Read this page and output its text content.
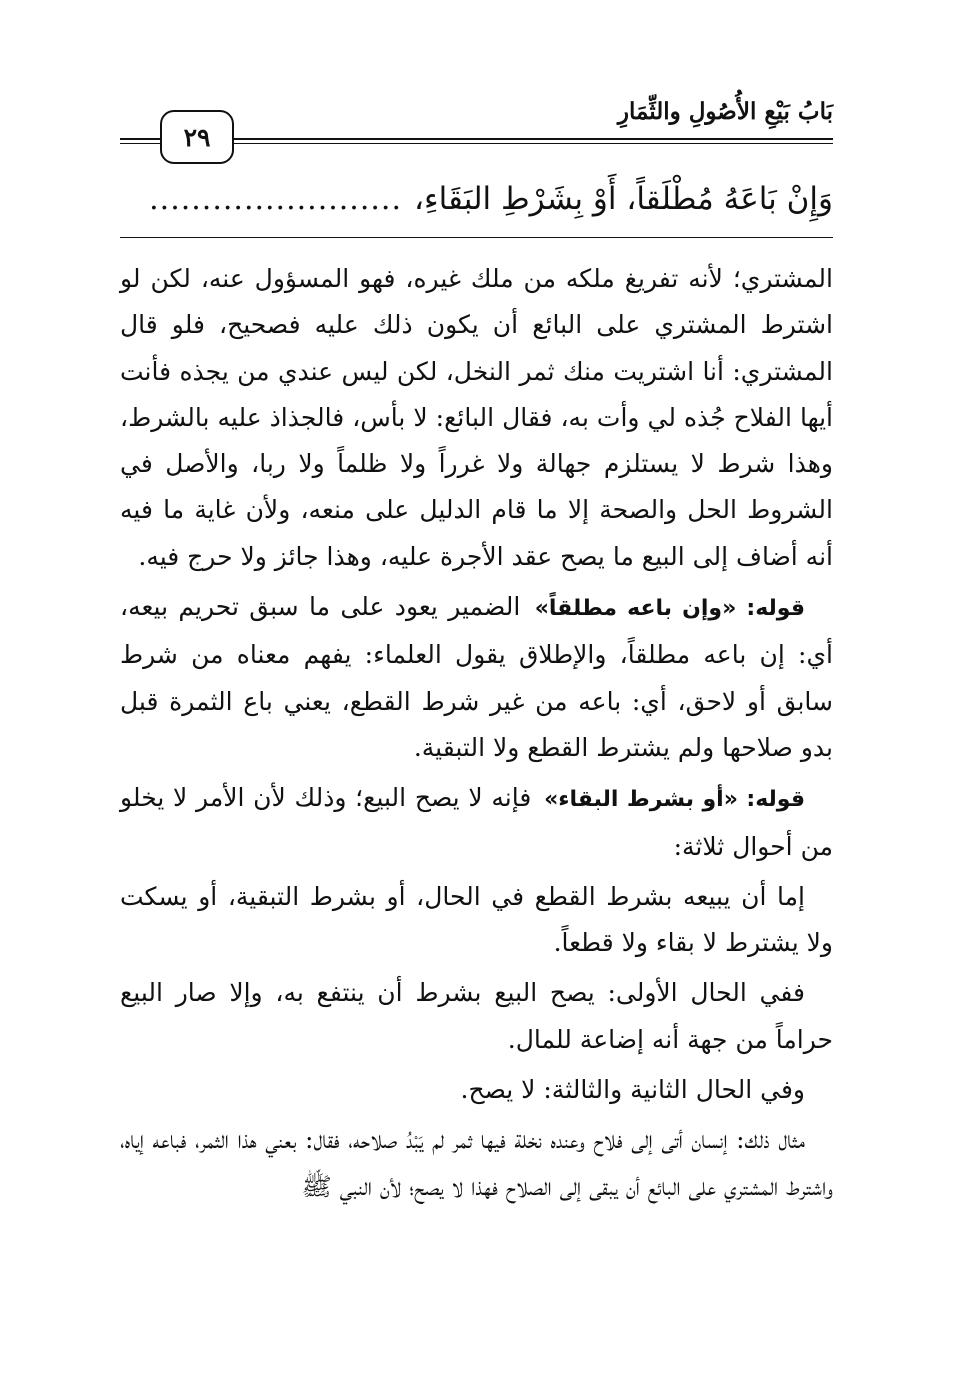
بَابُ بَيْعِ الأُصُولِ والثِّمَارِ
٢٩
وَإِنْ بَاعَهُ مُطْلَقاً، أَوْ بِشَرْطِ البَقَاءِ،
........................

المشتري؛ لأنه تفريغ ملكه من ملك غيره، فهو المسؤول عنه، لكن لو اشترط المشتري على البائع أن يكون ذلك عليه فصحيح، فلو قال المشتري: أنا اشتريت منك ثمر النخل، لكن ليس عندي من يجذه فأنت أيها الفلاح جُذه لي وأت به، فقال البائع: لا بأس، فالجذاذ عليه بالشرط، وهذا شرط لا يستلزم جهالة ولا غرراً ولا ظلماً ولا ربا، والأصل في الشروط الحل والصحة إلا ما قام الدليل على منعه، ولأن غاية ما فيه أنه أضاف إلى البيع ما يصح عقد الأجرة عليه، وهذا جائز ولا حرج فيه.

قوله: «وإن باعه مطلقاً» الضمير يعود على ما سبق تحريم بيعه، أي: إن باعه مطلقاً، والإطلاق يقول العلماء: يفهم معناه من شرط سابق أو لاحق، أي: باعه من غير شرط القطع، يعني باع الثمرة قبل بدو صلاحها ولم يشترط القطع ولا التبقية.

قوله: «أو بشرط البقاء» فإنه لا يصح البيع؛ وذلك لأن الأمر لا يخلو من أحوال ثلاثة:

إما أن يبيعه بشرط القطع في الحال، أو بشرط التبقية، أو يسكت ولا يشترط لا بقاء ولا قطعاً.

ففي الحال الأولى: يصح البيع بشرط أن ينتفع به، وإلا صار البيع حراماً من جهة أنه إضاعة للمال.

وفي الحال الثانية والثالثة: لا يصح.

مثال ذلك: إنسان أتى إلى فلاح وعنده نخلة فيها ثمر لم يَبْدُ صلاحه، فقال: بعني هذا الثمر، فباعه إياه، واشترط المشتري على البائع أن يبقى إلى الصلاح فهذا لا يصح؛ لأن النبي ﷺ
